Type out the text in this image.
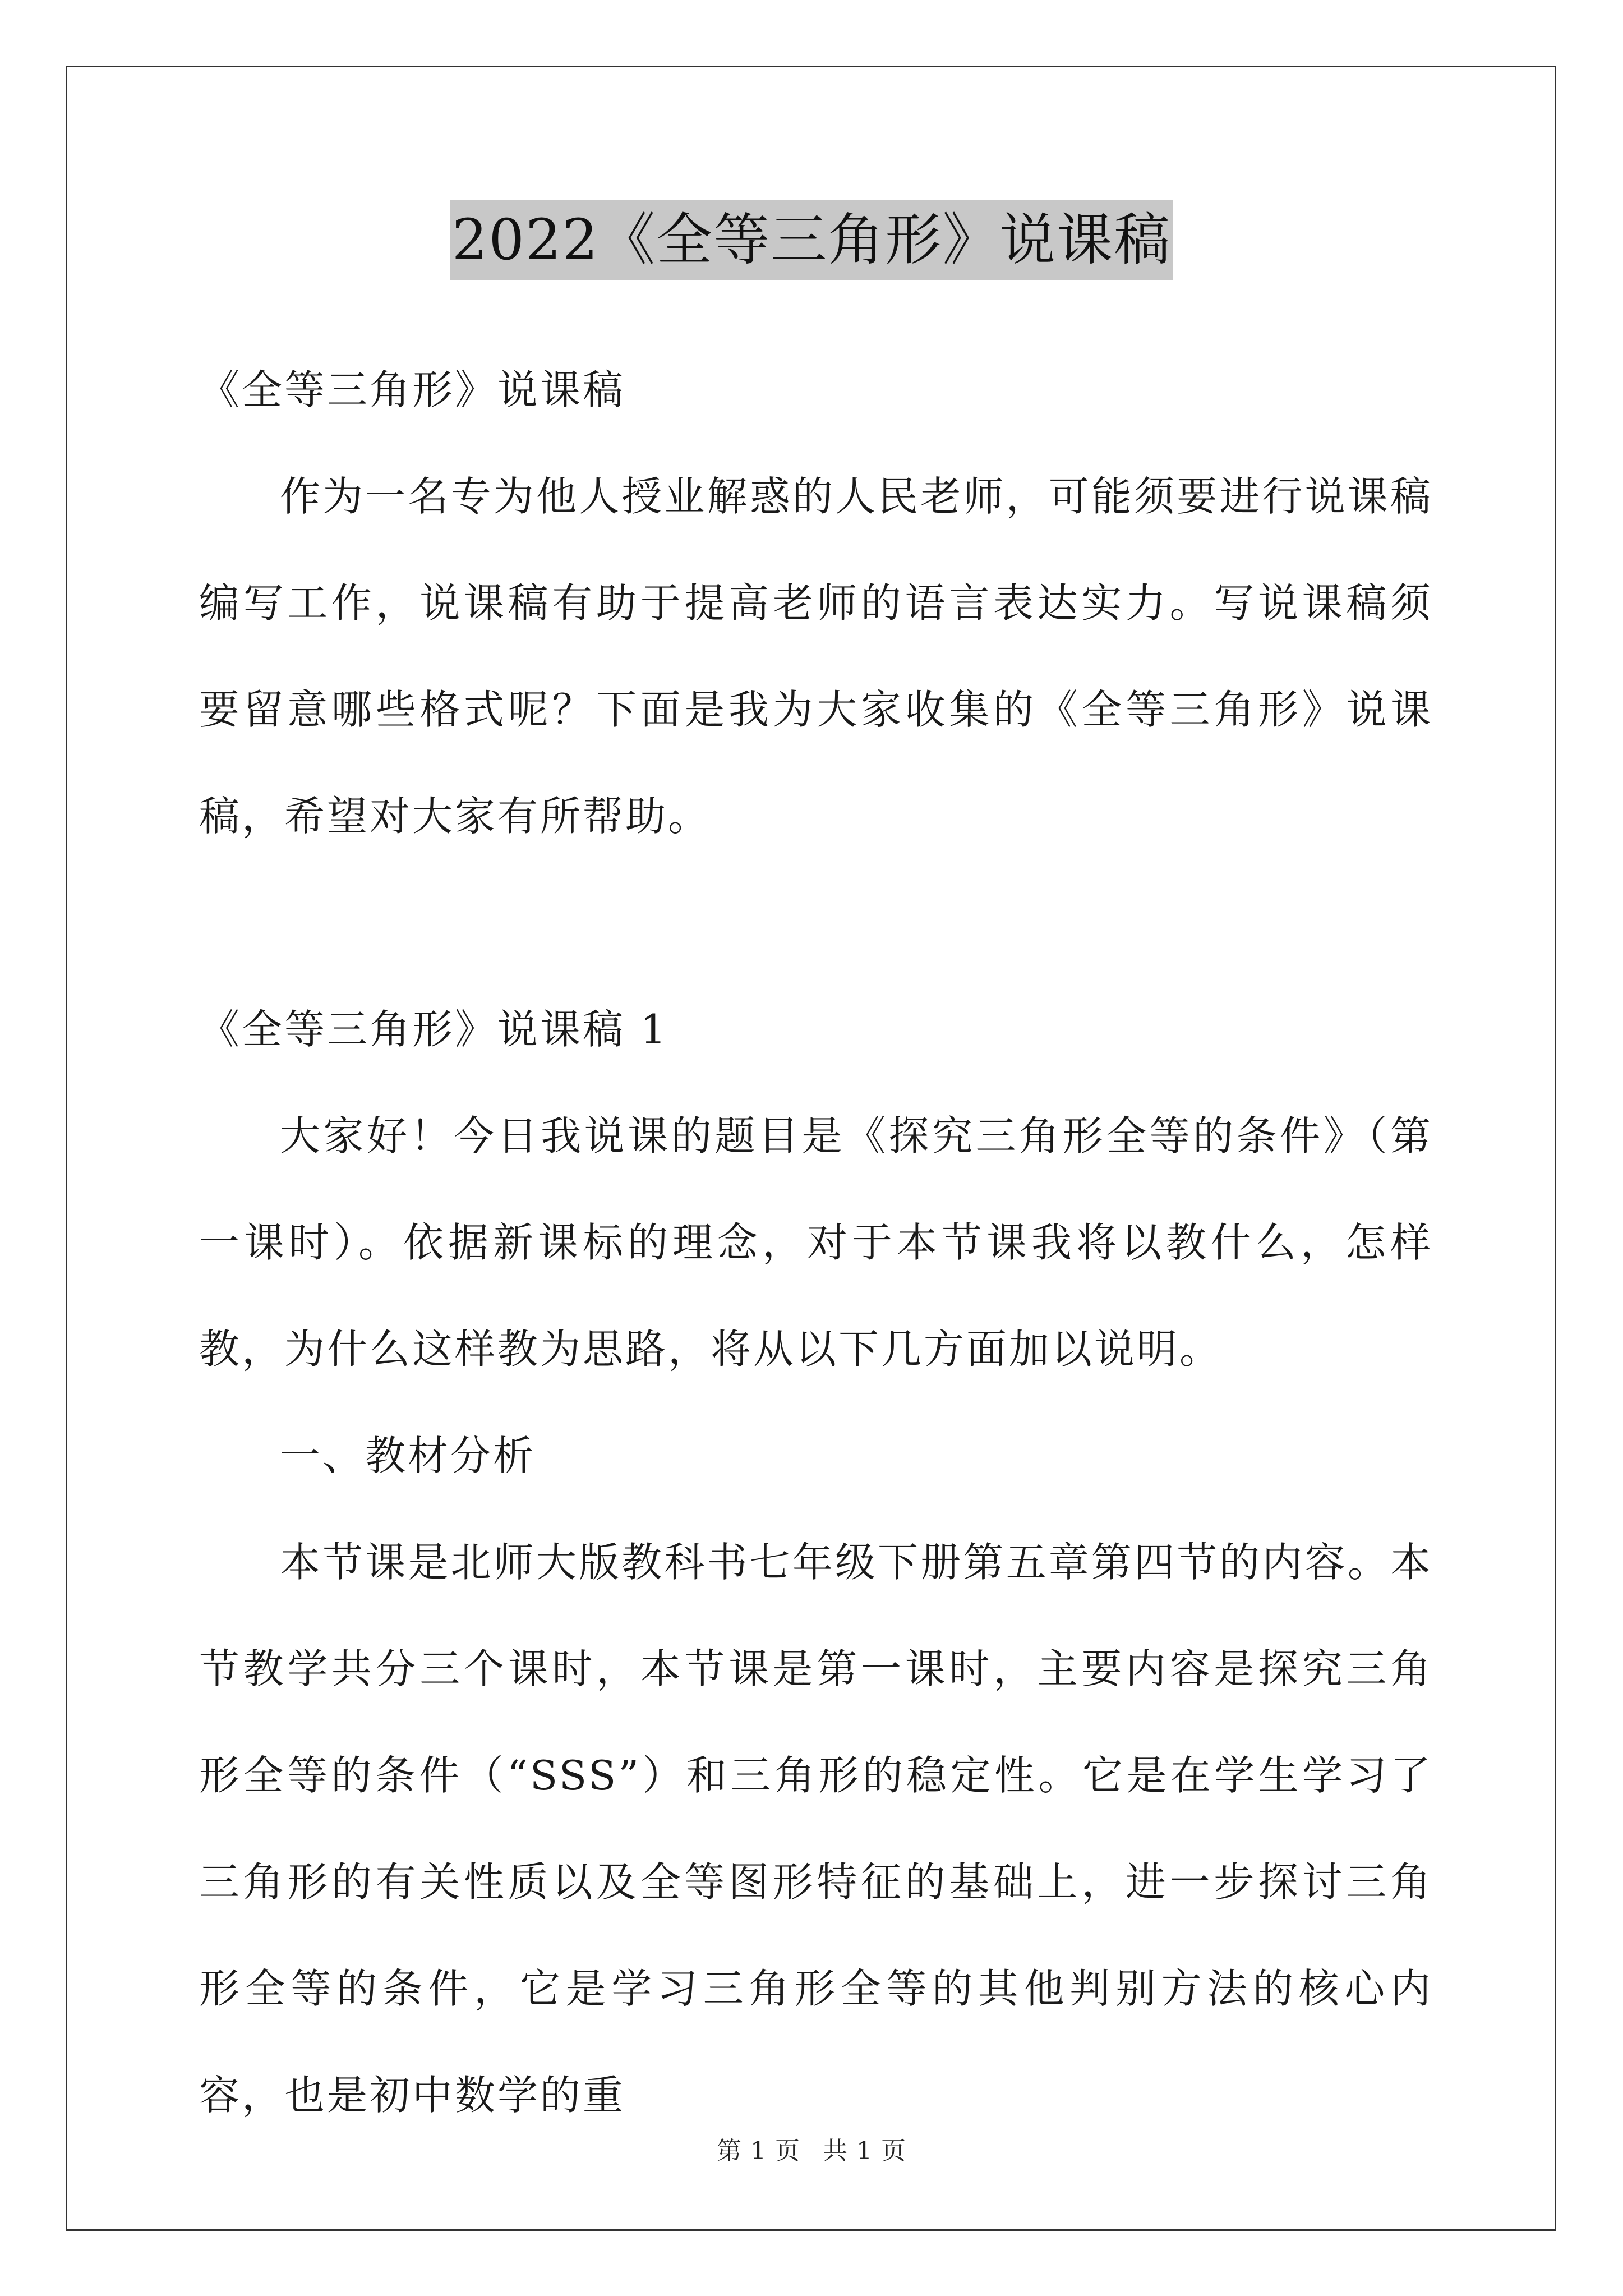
2022《全等三角形》说课稿

《全等三角形》说课稿

作为一名专为他人授业解惑的人民老师，可能须要进行说课稿编写工作，说课稿有助于提高老师的语言表达实力。写说课稿须要留意哪些格式呢？下面是我为大家收集的《全等三角形》说课稿，希望对大家有所帮助。

《全等三角形》说课稿 1

大家好！今日我说课的题目是《探究三角形全等的条件》（第一课时）。依据新课标的理念，对于本节课我将以教什么，怎样教，为什么这样教为思路，将从以下几方面加以说明。

一、教材分析

本节课是北师大版教科书七年级下册第五章第四节的内容。本节教学共分三个课时，本节课是第一课时，主要内容是探究三角形全等的条件（“SSS”）和三角形的稳定性。它是在学生学习了三角形的有关性质以及全等图形特征的基础上，进一步探讨三角形全等的条件，它是学习三角形全等的其他判别方法的核心内容，也是初中数学的重

第 1 页 共 1 页
